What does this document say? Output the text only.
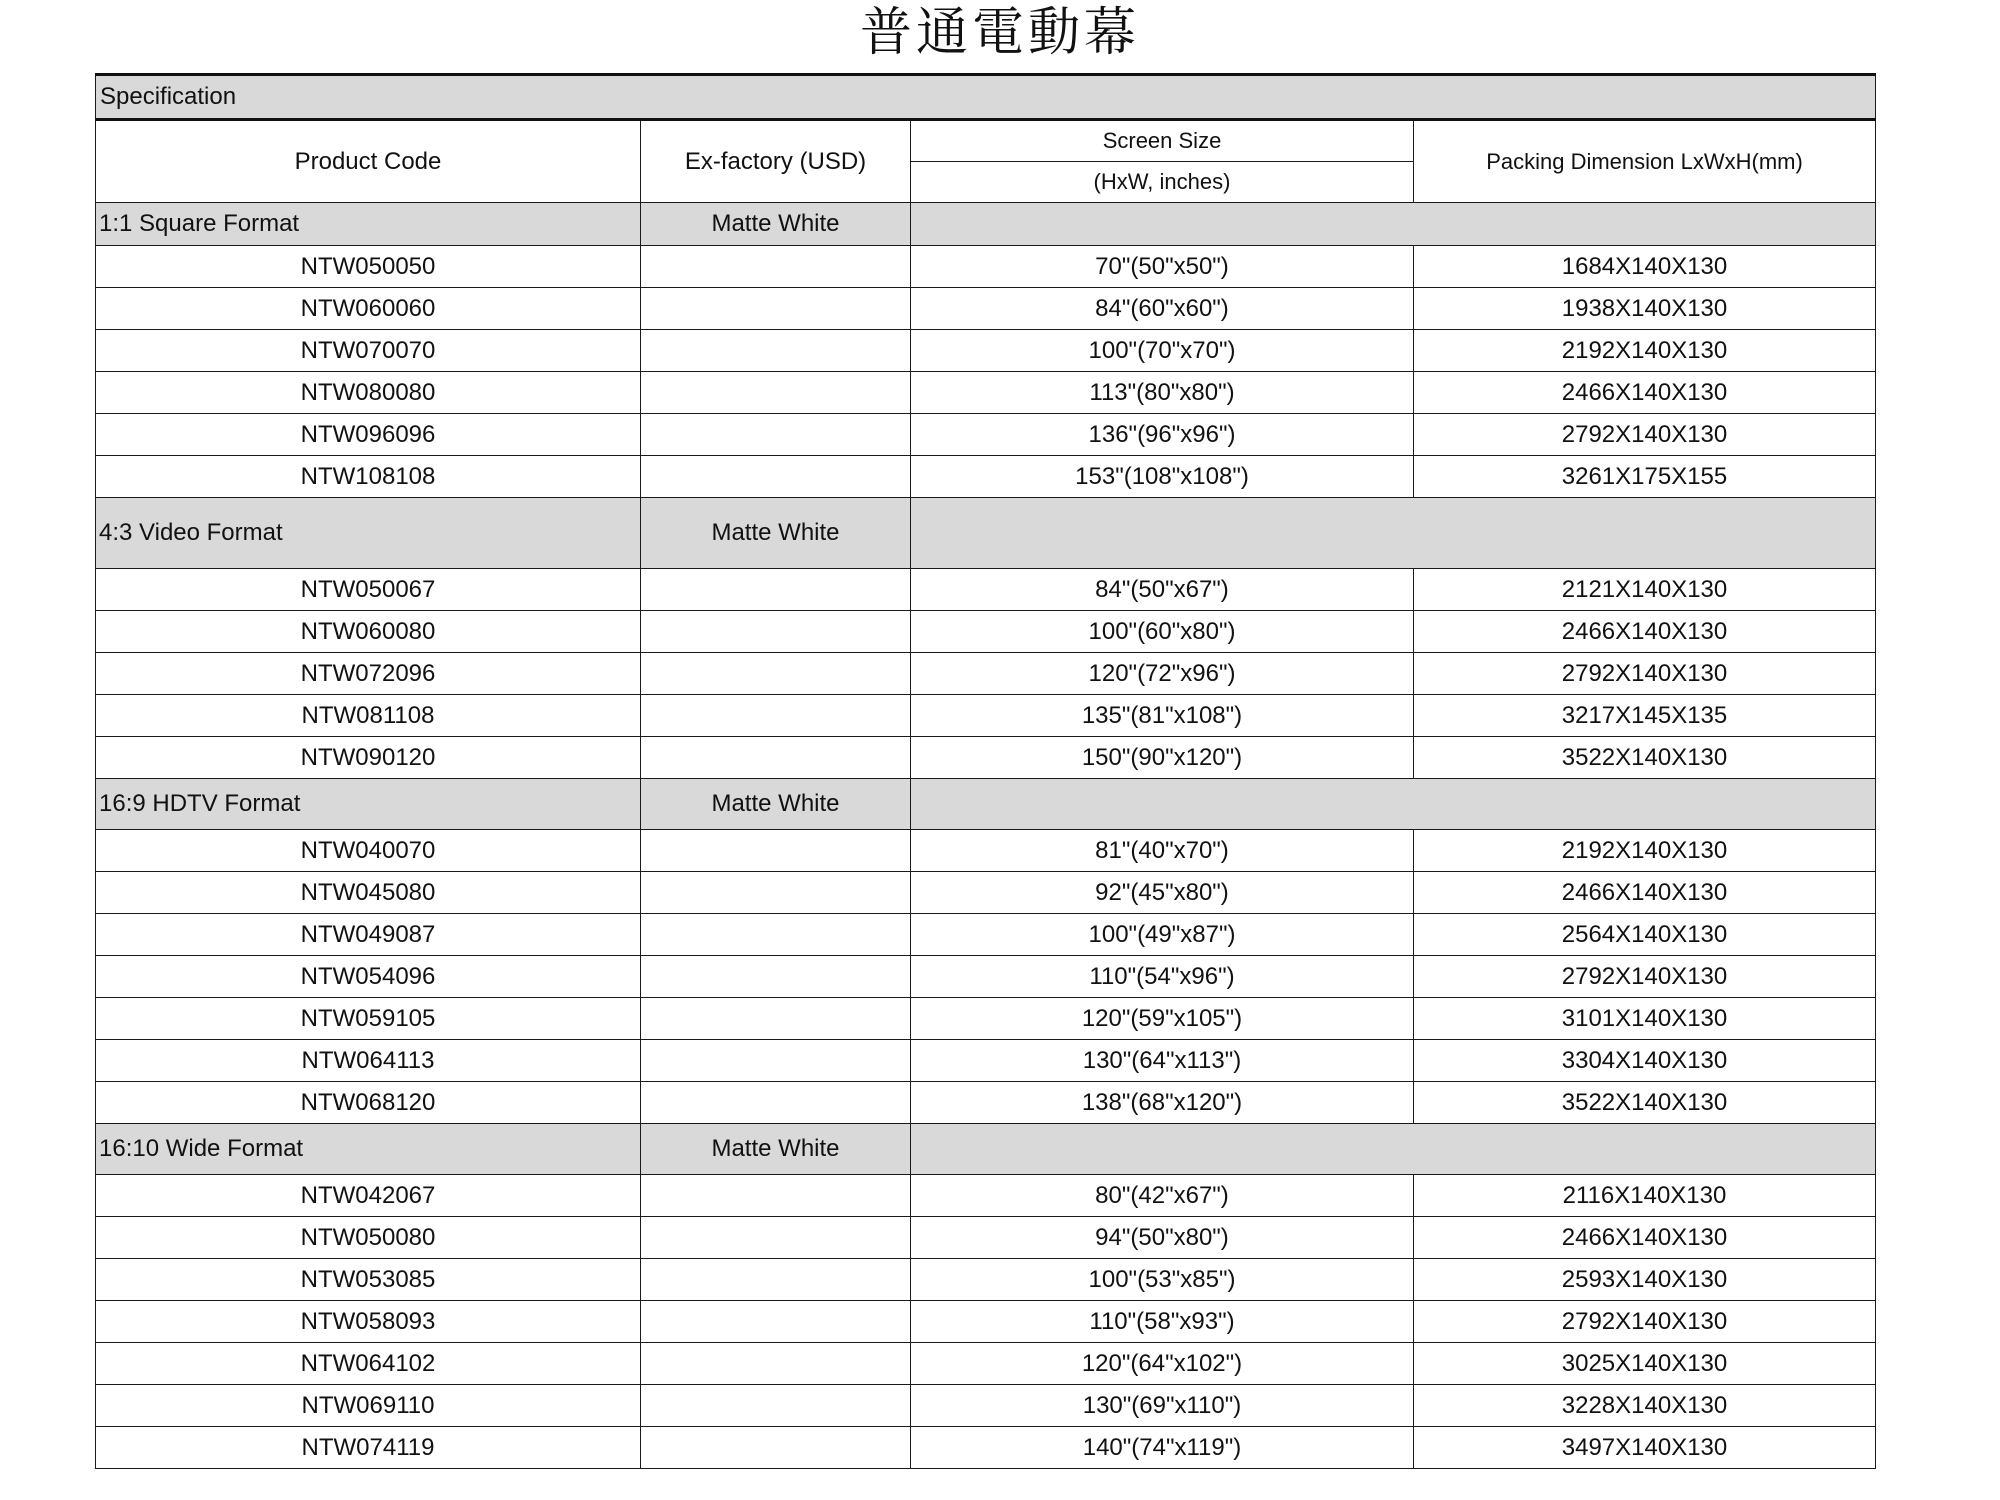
普通電動幕
Specification			
Product Code	Ex-factory (USD)	Screen Size	Packing Dimension LxWxH(mm)
		(HxW, inches)	
1:1 Square Format	Matte White		
NTW050050		70"(50"x50")	1684X140X130
NTW060060		84"(60"x60")	1938X140X130
NTW070070		100"(70"x70")	2192X140X130
NTW080080		113"(80"x80")	2466X140X130
NTW096096		136"(96"x96")	2792X140X130
NTW108108		153"(108"x108")	3261X175X155
4:3 Video Format	Matte White		
NTW050067		84"(50"x67")	2121X140X130
NTW060080		100"(60"x80")	2466X140X130
NTW072096		120"(72"x96")	2792X140X130
NTW081108		135"(81"x108")	3217X145X135
NTW090120		150"(90"x120")	3522X140X130
16:9 HDTV Format	Matte White		
NTW040070		81"(40"x70")	2192X140X130
NTW045080		92"(45"x80")	2466X140X130
NTW049087		100"(49"x87")	2564X140X130
NTW054096		110"(54"x96")	2792X140X130
NTW059105		120"(59"x105")	3101X140X130
NTW064113		130"(64"x113")	3304X140X130
NTW068120		138"(68"x120")	3522X140X130
16:10 Wide Format	Matte White		
NTW042067		80"(42"x67")	2116X140X130
NTW050080		94"(50"x80")	2466X140X130
NTW053085		100"(53"x85")	2593X140X130
NTW058093		110"(58"x93")	2792X140X130
NTW064102		120"(64"x102")	3025X140X130
NTW069110		130"(69"x110")	3228X140X130
NTW074119		140"(74"x119")	3497X140X130
